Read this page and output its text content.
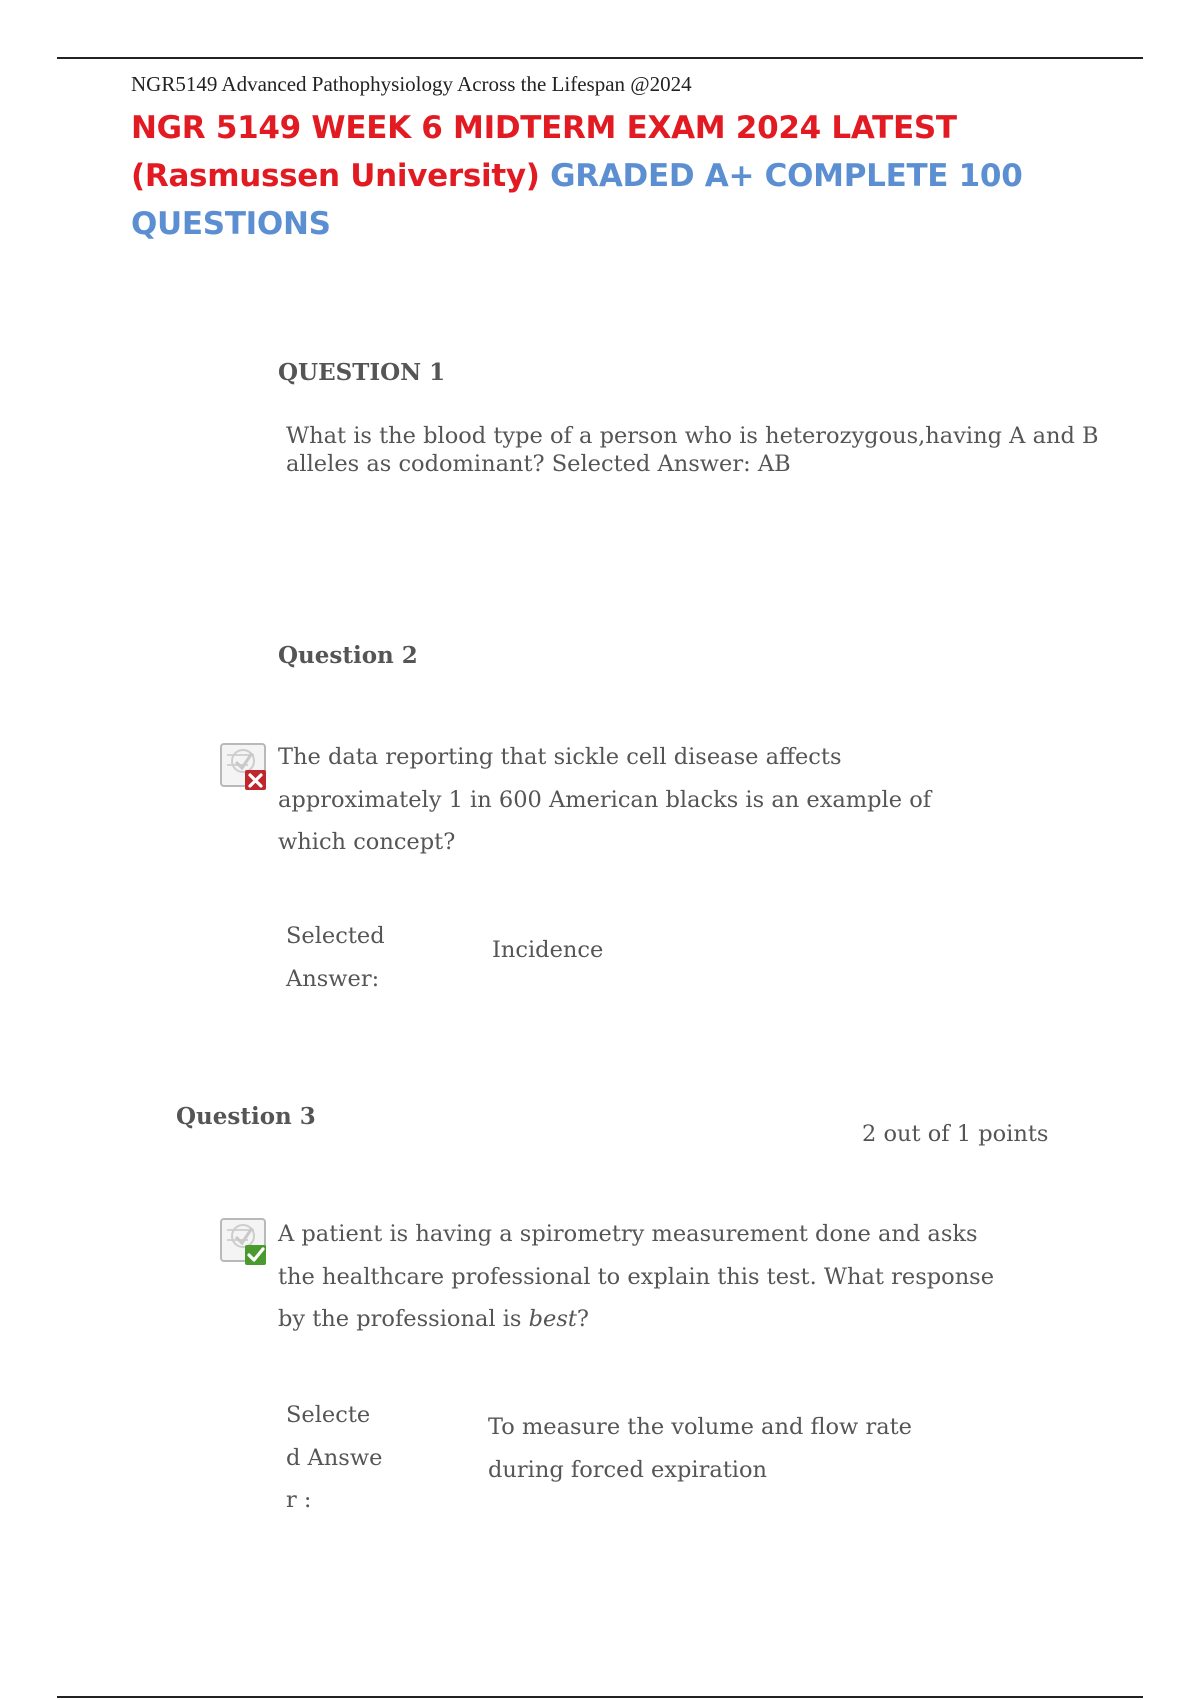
NGR5149 Advanced Pathophysiology Across the Lifespan @2024
NGR 5149 WEEK 6 MIDTERM EXAM 2024 LATEST (Rasmussen University) GRADED A+ COMPLETE 100 QUESTIONS
QUESTION 1
What is the blood type of a person who is heterozygous,having A and B alleles as codominant? Selected Answer: AB
Question 2
The data reporting that sickle cell disease affects approximately 1 in 600 American blacks is an example of which concept?
Selected Answer:
Incidence
Question 3
2 out of 1 points
A patient is having a spirometry measurement done and asks the healthcare professional to explain this test. What response by the professional is best?
Selecte d Answer :
To measure the volume and flow rate during forced expiration
